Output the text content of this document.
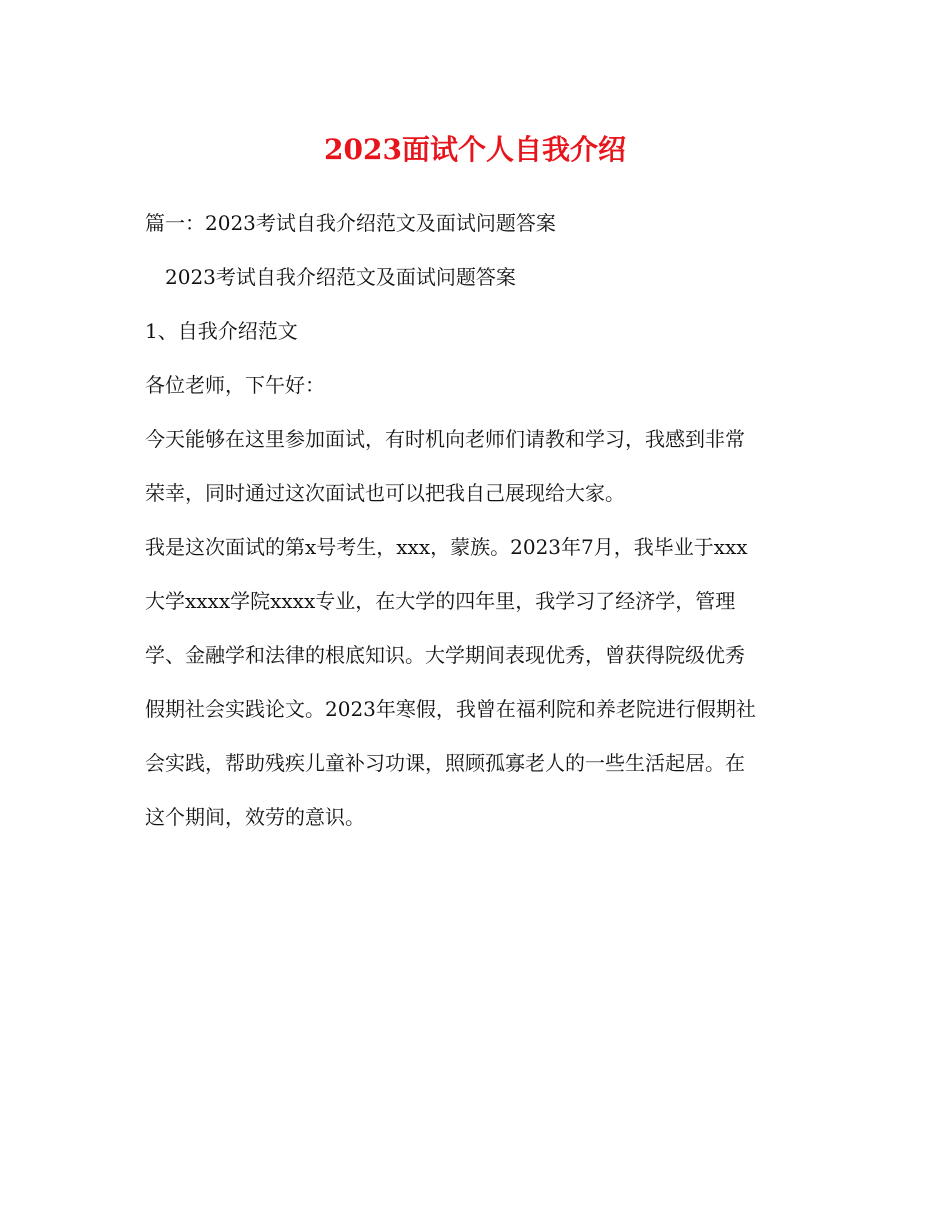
2023面试个人自我介绍

篇一：2023考试自我介绍范文及面试问题答案

2023考试自我介绍范文及面试问题答案

1、自我介绍范文

各位老师，下午好：

今天能够在这里参加面试，有时机向老师们请教和学习，我感到非常

荣幸，同时通过这次面试也可以把我自己展现给大家。

我是这次面试的第x号考生，xxx，蒙族。2023年7月，我毕业于xxx

大学xxxx学院xxxx专业，在大学的四年里，我学习了经济学，管理

学、金融学和法律的根底知识。大学期间表现优秀，曾获得院级优秀

假期社会实践论文。2023年寒假，我曾在福利院和养老院进行假期社

会实践，帮助残疾儿童补习功课，照顾孤寡老人的一些生活起居。在

这个期间，效劳的意识。
